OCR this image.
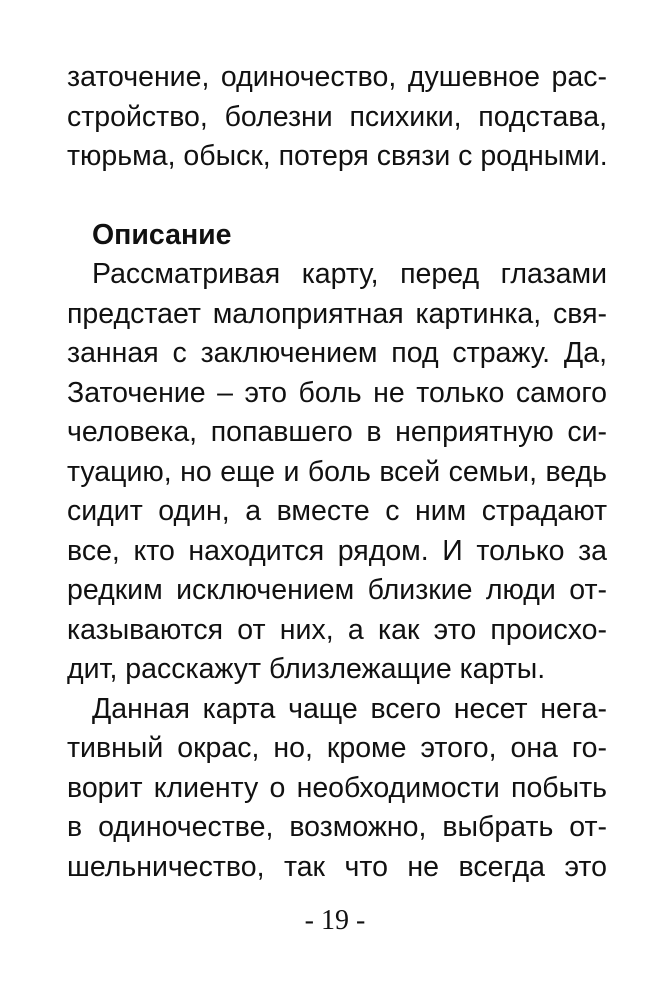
заточение, одиночество, душевное рас-
стройство, болезни психики, подстава,
тюрьма, обыск, потеря связи с родными.
Описание
Рассматривая карту, перед глазами
предстает малоприятная картинка, свя-
занная с заключением под стражу. Да,
Заточение – это боль не только самого
человека, попавшего в неприятную си-
туацию, но еще и боль всей семьи, ведь
сидит один, а вместе с ним страдают
все, кто находится рядом. И только за
редким исключением близкие люди от-
казываются от них, а как это происхо-
дит, расскажут близлежащие карты.
Данная карта чаще всего несет нега-
тивный окрас, но, кроме этого, она го-
ворит клиенту о необходимости побыть
в одиночестве, возможно, выбрать от-
шельничество, так что не всегда это
- 19 -
